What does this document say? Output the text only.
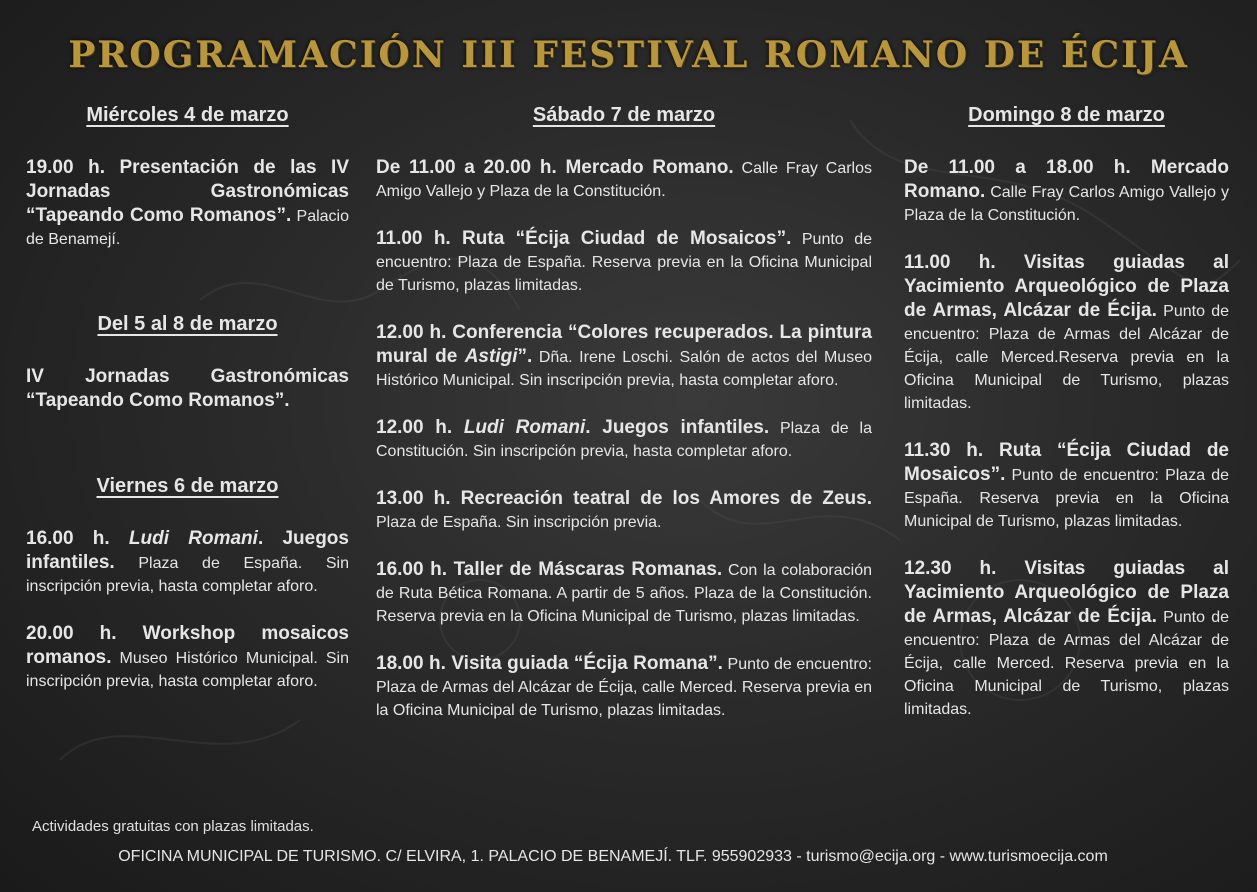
PROGRAMACIÓN III FESTIVAL ROMANO DE ÉCIJA

Miércoles 4 de marzo

19.00 h. Presentación de las IV Jornadas Gastronómicas “Tapeando Como Romanos”. Palacio de Benamejí.

Del 5 al 8 de marzo

IV Jornadas Gastronómicas “Tapeando Como Romanos”.

Viernes 6 de marzo

16.00 h. Ludi Romani. Juegos infantiles. Plaza de España. Sin inscripción previa, hasta completar aforo.

20.00 h. Workshop mosaicos romanos. Museo Histórico Municipal. Sin inscripción previa, hasta completar aforo.

Sábado 7 de marzo

De 11.00 a 20.00 h. Mercado Romano. Calle Fray Carlos Amigo Vallejo y Plaza de la Constitución.

11.00 h. Ruta “Écija Ciudad de Mosaicos”. Punto de encuentro: Plaza de España. Reserva previa en la Oficina Municipal de Turismo, plazas limitadas.

12.00 h. Conferencia “Colores recuperados. La pintura mural de Astigi”. Dña. Irene Loschi. Salón de actos del Museo Histórico Municipal. Sin inscripción previa, hasta completar aforo.

12.00 h. Ludi Romani. Juegos infantiles. Plaza de la Constitución. Sin inscripción previa, hasta completar aforo.

13.00 h. Recreación teatral de los Amores de Zeus. Plaza de España. Sin inscripción previa.

16.00 h. Taller de Máscaras Romanas. Con la colaboración de Ruta Bética Romana. A partir de 5 años. Plaza de la Constitución. Reserva previa en la Oficina Municipal de Turismo, plazas limitadas.

18.00 h. Visita guiada “Écija Romana”. Punto de encuentro: Plaza de Armas del Alcázar de Écija, calle Merced. Reserva previa en la Oficina Municipal de Turismo, plazas limitadas.

Domingo 8 de marzo

De 11.00 a 18.00 h. Mercado Romano. Calle Fray Carlos Amigo Vallejo y Plaza de la Constitución.

11.00 h. Visitas guiadas al Yacimiento Arqueológico de Plaza de Armas, Alcázar de Écija. Punto de encuentro: Plaza de Armas del Alcázar de Écija, calle Merced.Reserva previa en la Oficina Municipal de Turismo, plazas limitadas.

11.30 h. Ruta “Écija Ciudad de Mosaicos”. Punto de encuentro: Plaza de España. Reserva previa en la Oficina Municipal de Turismo, plazas limitadas.

12.30 h. Visitas guiadas al Yacimiento Arqueológico de Plaza de Armas, Alcázar de Écija. Punto de encuentro: Plaza de Armas del Alcázar de Écija, calle Merced. Reserva previa en la Oficina Municipal de Turismo, plazas limitadas.

Actividades gratuitas con plazas limitadas.
OFICINA MUNICIPAL DE TURISMO. C/ ELVIRA, 1. PALACIO DE BENAMEJÍ. TLF. 955902933 - turismo@ecija.org - www.turismoecija.com
